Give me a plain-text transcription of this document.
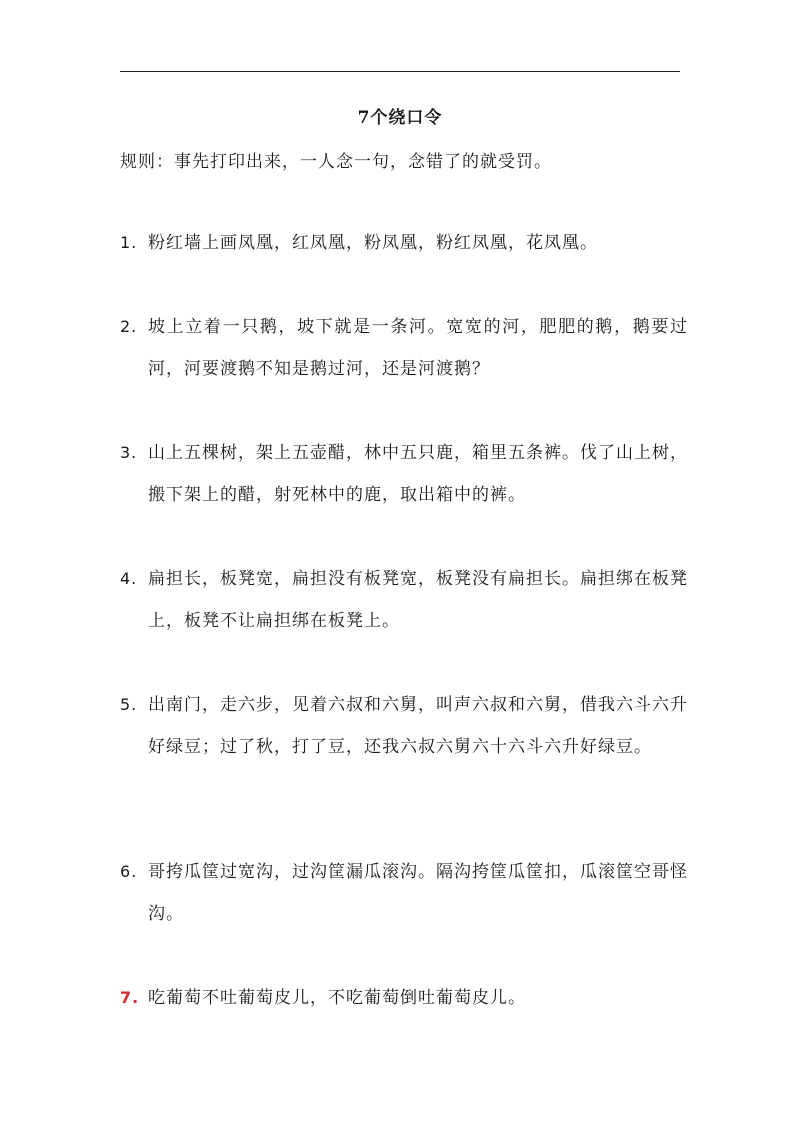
7个绕口令
规则：事先打印出来，一人念一句，念错了的就受罚。
1. 粉红墙上画凤凰，红凤凰，粉凤凰，粉红凤凰，花凤凰。
2. 坡上立着一只鹅，坡下就是一条河。宽宽的河，肥肥的鹅，鹅要过河，河要渡鹅不知是鹅过河，还是河渡鹅？
3. 山上五棵树，架上五壶醋，林中五只鹿，箱里五条裤。伐了山上树，搬下架上的醋，射死林中的鹿，取出箱中的裤。
4. 扁担长，板凳宽，扁担没有板凳宽，板凳没有扁担长。扁担绑在板凳上，板凳不让扁担绑在板凳上。
5. 出南门，走六步，见着六叔和六舅，叫声六叔和六舅，借我六斗六升好绿豆；过了秋，打了豆，还我六叔六舅六十六斗六升好绿豆。
6. 哥挎瓜筐过宽沟，过沟筐漏瓜滚沟。隔沟挎筐瓜筐扣，瓜滚筐空哥怪沟。
7. 吃葡萄不吐葡萄皮儿，不吃葡萄倒吐葡萄皮儿。
